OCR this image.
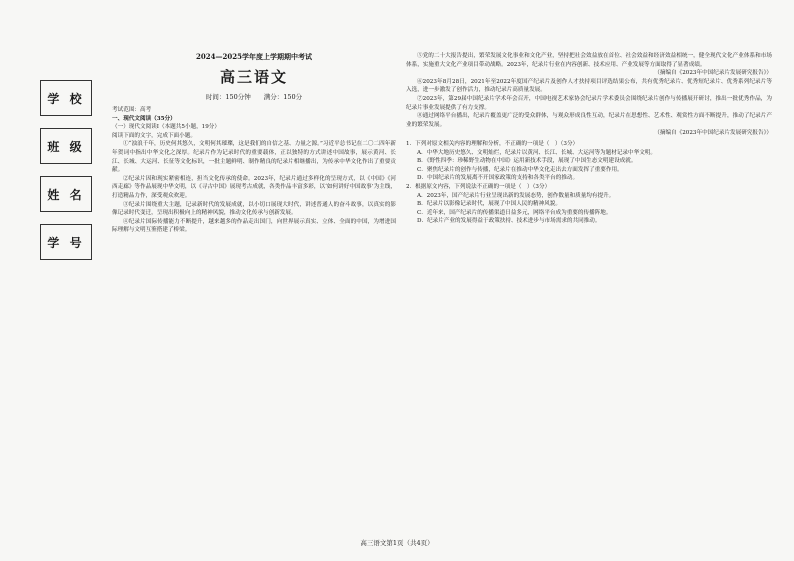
学 校
班 级
姓 名
学 号
2024—2025学年度上学期期中考试
高三语文
时间：150分钟　　满分：150分

考试范围：高考

一、现代文阅读（35分）

（一）现代文阅读Ⅰ（本题共5小题，19分）

阅读下面的文字，完成下面小题。

①“浊浪千年，历史何其悠久，文明何其璀璨，这是我们的自信之基、力量之源。”习近平总书记在二〇二四年新年贺词中指出中华文化之深厚。纪录片作为记录时代的重要载体，正以独特的方式讲述中国故事，展示黄河、长江、长城、大运河、长征等文化标识，一批主题鲜明、制作精良的纪录片相继播出，为传承中华文化作出了重要贡献。

②纪录片因和现实紧密相连，担当文化传承的使命。2023年，纪录片通过多样化的呈现方式，以《中国》《河西走廊》等作品展现中华文明，以《寻古中国》展现考古成就，各类作品丰富多彩，以‘如何讲好中国故事’为主线，打造精品力作，深受观众欢迎。

③纪录片围绕重大主题，记录新时代的发展成就，以小切口展现大时代，讲述普通人的奋斗故事，以真实的影像记录时代变迁，呈现出积极向上的精神风貌，推动文化传承与创新发展。

④纪录片国际传播能力不断提升，越来越多的作品走出国门，向世界展示真实、立体、全面的中国，为增进国际理解与文明互鉴搭建了桥梁。

⑤党的二十大报告提出，繁荣发展文化事业和文化产业，坚持把社会效益放在首位、社会效益和经济效益相统一，健全现代文化产业体系和市场体系，实施重大文化产业项目带动战略。2023年，纪录片行业在内容创新、技术应用、产业发展等方面取得了显著成绩。

（摘编自《2023年中国纪录片发展研究报告》）

⑥2023年8月28日，2021年至2022年度国产纪录片及创作人才扶持项目评选结果公布，共有优秀纪录片、优秀短纪录片、优秀系列纪录片等入选，进一步激发了创作活力，推动纪录片高质量发展。

⑦2023年，第29届中国纪录片学术年会召开，中国电视艺术家协会纪录片学术委员会围绕纪录片创作与传播展开研讨，推出一批优秀作品，为纪录片事业发展提供了有力支撑。

⑧通过网络平台播出，纪录片覆盖更广泛的受众群体，与观众形成良性互动，纪录片在思想性、艺术性、观赏性方面不断提升，推动了纪录片产业的繁荣发展。

（摘编自《2023年中国纪录片发展研究报告》）

1．下列对原文相关内容的理解和分析，不正确的一项是（　）（3分）

A．中华大地历史悠久、文明灿烂，纪录片以黄河、长江、长城、大运河等为题材记录中华文明。

B．《野性四季：珍稀野生动物在中国》运用新技术手段，展现了中国生态文明建设成就。

C．聚焦纪录片的创作与传播，纪录片在推动中华文化走出去方面发挥了重要作用。

D．中国纪录片的发展离不开国家政策的支持和各类平台的推动。

2．根据原文内容，下列说法不正确的一项是（　）（3分）

A．2023年，国产纪录片行业呈现出新的发展态势，创作数量和质量均有提升。

B．纪录片以影像记录时代，展现了中国人民的精神风貌。

C．近年来，国产纪录片的传播渠道日益多元，网络平台成为重要的传播阵地。

D．纪录片产业的发展得益于政策扶持、技术进步与市场需求的共同推动。

高三语文第1页（共4页）
